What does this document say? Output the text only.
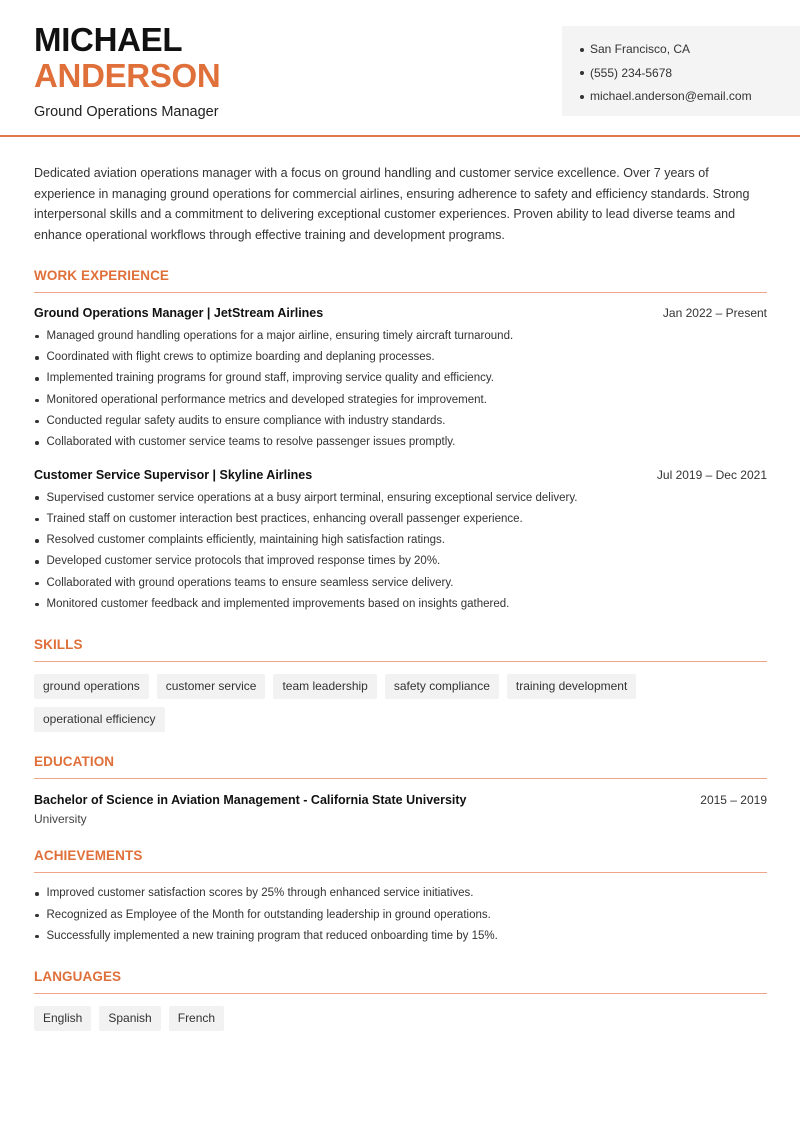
MICHAEL
ANDERSON
Ground Operations Manager
San Francisco, CA
(555) 234-5678
michael.anderson@email.com

Dedicated aviation operations manager with a focus on ground handling and customer service excellence. Over 7 years of experience in managing ground operations for commercial airlines, ensuring adherence to safety and efficiency standards. Strong interpersonal skills and a commitment to delivering exceptional customer experiences. Proven ability to lead diverse teams and enhance operational workflows through effective training and development programs.

WORK EXPERIENCE
Ground Operations Manager | JetStream Airlines	Jan 2022 – Present
Managed ground handling operations for a major airline, ensuring timely aircraft turnaround.
Coordinated with flight crews to optimize boarding and deplaning processes.
Implemented training programs for ground staff, improving service quality and efficiency.
Monitored operational performance metrics and developed strategies for improvement.
Conducted regular safety audits to ensure compliance with industry standards.
Collaborated with customer service teams to resolve passenger issues promptly.
Customer Service Supervisor | Skyline Airlines	Jul 2019 – Dec 2021
Supervised customer service operations at a busy airport terminal, ensuring exceptional service delivery.
Trained staff on customer interaction best practices, enhancing overall passenger experience.
Resolved customer complaints efficiently, maintaining high satisfaction ratings.
Developed customer service protocols that improved response times by 20%.
Collaborated with ground operations teams to ensure seamless service delivery.
Monitored customer feedback and implemented improvements based on insights gathered.
SKILLS
ground operations	customer service	team leadership	safety compliance	training development
operational efficiency
EDUCATION
Bachelor of Science in Aviation Management - California State University	2015 – 2019
University
ACHIEVEMENTS
Improved customer satisfaction scores by 25% through enhanced service initiatives.
Recognized as Employee of the Month for outstanding leadership in ground operations.
Successfully implemented a new training program that reduced onboarding time by 15%.
LANGUAGES
English	Spanish	French
